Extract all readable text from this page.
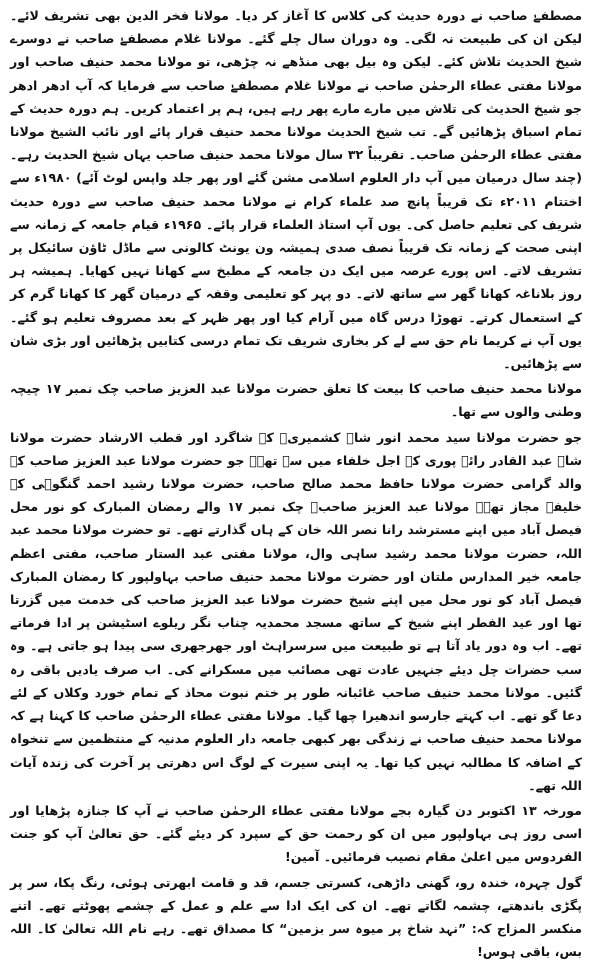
مصطفےٰ صاحب نے دورہ حدیث کی کلاس کا آغاز کر دیا۔ مولانا فخر الدین بھی تشریف لائے۔ لیکن ان کی طبیعت نہ لگی۔ وہ دوران سال چلے گئے۔ مولانا غلام مصطفےٰ صاحب نے دوسرے شیخ الحدیث تلاش کئے۔ لیکن وہ بیل بھی منڈھے نہ چڑھی، تو مولانا محمد حنیف صاحب اور مولانا مفتی عطاء الرحمٰن صاحب نے مولانا غلام مصطفےٰ صاحب سے فرمایا کہ آپ ادھر ادھر جو شیخ الحدیث کی تلاش میں مارے مارے پھر رہے ہیں، ہم پر اعتماد کریں۔ ہم دورہ حدیث کے تمام اسباق پڑھائیں گے۔ تب شیخ الحدیث مولانا محمد حنیف قرار پائے اور نائب الشیخ مولانا مفتی عطاء الرحمٰن صاحب۔ تقریباً ۳۲ سال مولانا محمد حنیف صاحب یہاں شیخ الحدیث رہے۔ (چند سال درمیان میں آپ دار العلوم اسلامی مشن گئے اور پھر جلد واپس لوٹ آئے) ۱۹۸۰ء سے اختتام ۲۰۱۱ء تک قریباً پانچ صد علماء کرام نے مولانا محمد حنیف صاحب سے دورہ حدیث شریف کی تعلیم حاصل کی۔ یوں آپ استاذ العلماء قرار پائے۔ ۱۹۶۵ء قیام جامعہ کے زمانہ سے اپنی صحت کے زمانہ تک قریباً نصف صدی ہمیشہ ون یونٹ کالونی سے ماڈل ٹاؤن سائیکل پر تشریف لاتے۔ اس پورے عرصہ میں ایک دن جامعہ کے مطبخ سے کھانا نہیں کھایا۔ ہمیشہ ہر روز بلاناغہ کھانا گھر سے ساتھ لاتے۔ دو پہر کو تعلیمی وقفہ کے درمیان گھر کا کھانا گرم کر کے استعمال کرتے۔ تھوڑا درس گاہ میں آرام کیا اور پھر ظہر کے بعد مصروف تعلیم ہو گئے۔ یوں آپ نے کریما نام حق سے لے کر بخاری شریف تک تمام درسی کتابیں پڑھائیں اور بڑی شان سے پڑھائیں۔

مولانا محمد حنیف صاحب کا بیعت کا تعلق حضرت مولانا عبد العزیز صاحب چک نمبر ۱۷ چیچہ وطنی والوں سے تھا۔

جو حضرت مولانا سید محمد انور شاہ کشمیریؒ کے شاگرد اور قطب الارشاد حضرت مولانا شاہ عبد القادر رائے پوری کے اجل خلفاء میں سے تھے۔ جو حضرت مولانا عبد العزیز صاحب کے والد گرامی حضرت مولانا حافظ محمد صالح صاحب، حضرت مولانا رشید احمد گنگوہی کے خلیفہ مجاز تھے۔ مولانا عبد العزیز صاحبؒ چک نمبر ۱۷ والے رمضان المبارک کو نور محل فیصل آباد میں اپنے مسترشد رانا نصر اللہ خان کے ہاں گذارتے تھے۔ تو حضرت مولانا محمد عبد اللہ، حضرت مولانا محمد رشید ساہی وال، مولانا مفتی عبد الستار صاحب، مفتی اعظم جامعہ خیر المدارس ملتان اور حضرت مولانا محمد حنیف صاحب بہاولپور کا رمضان المبارک فیصل آباد کو نور محل میں اپنے شیخ حضرت مولانا عبد العزیز صاحب کی خدمت میں گزرتا تھا اور عید الفطر اپنے شیخ کے ساتھ مسجد محمدیہ چناب نگر ریلوے اسٹیشن پر ادا فرماتے تھے۔ اب وہ دور یاد آتا ہے تو طبیعت میں سرسراہٹ اور جھرجھری سی پیدا ہو جاتی ہے۔ وہ سب حضرات چل دیئے جنہیں عادت تھی مصائب میں مسکرانے کی۔ اب صرف یادیں باقی رہ گئیں۔ مولانا محمد حنیف صاحب غائبانہ طور پر ختم نبوت محاذ کے تمام خورد وکلاں کے لئے دعا گو تھے۔ اب کہتے جارسو اندھیرا چھا گیا۔ مولانا مفتی عطاء الرحمٰن صاحب کا کہنا ہے کہ مولانا محمد حنیف صاحب نے زندگی بھر کبھی جامعہ دار العلوم مدنیہ کے منتظمین سے تنخواہ کے اضافہ کا مطالبہ نہیں کیا تھا۔ یہ اپنی سیرت کے لوگ اس دھرتی پر آخرت کی زندہ آیات اللہ تھے۔

مورخہ ۱۳ اکتوبر دن گیارہ بجے مولانا مفتی عطاء الرحمٰن صاحب نے آپ کا جنازہ پڑھایا اور اسی روز ہی بہاولپور میں ان کو رحمت حق کے سپرد کر دیئے گئے۔ حق تعالیٰ آپ کو جنت الفردوس میں اعلیٰ مقام نصیب فرمائیں۔ آمین!

گول چہرہ، خندہ رو، گھنی داڑھی، کسرتی جسم، قد و قامت ابھرتی ہوئی، رنگ پکا، سر پر پگڑی باندھتے، چشمہ لگاتے تھے۔ ان کی ایک ادا سے علم و عمل کے چشمے پھوٹتے تھے۔ اتنے منکسر المزاج کہ: ”نہد شاخ پر میوہ سر بزمین“ کا مصداق تھے۔ رہے نام اللہ تعالیٰ کا۔ اللہ بس، باقی ہوس!
